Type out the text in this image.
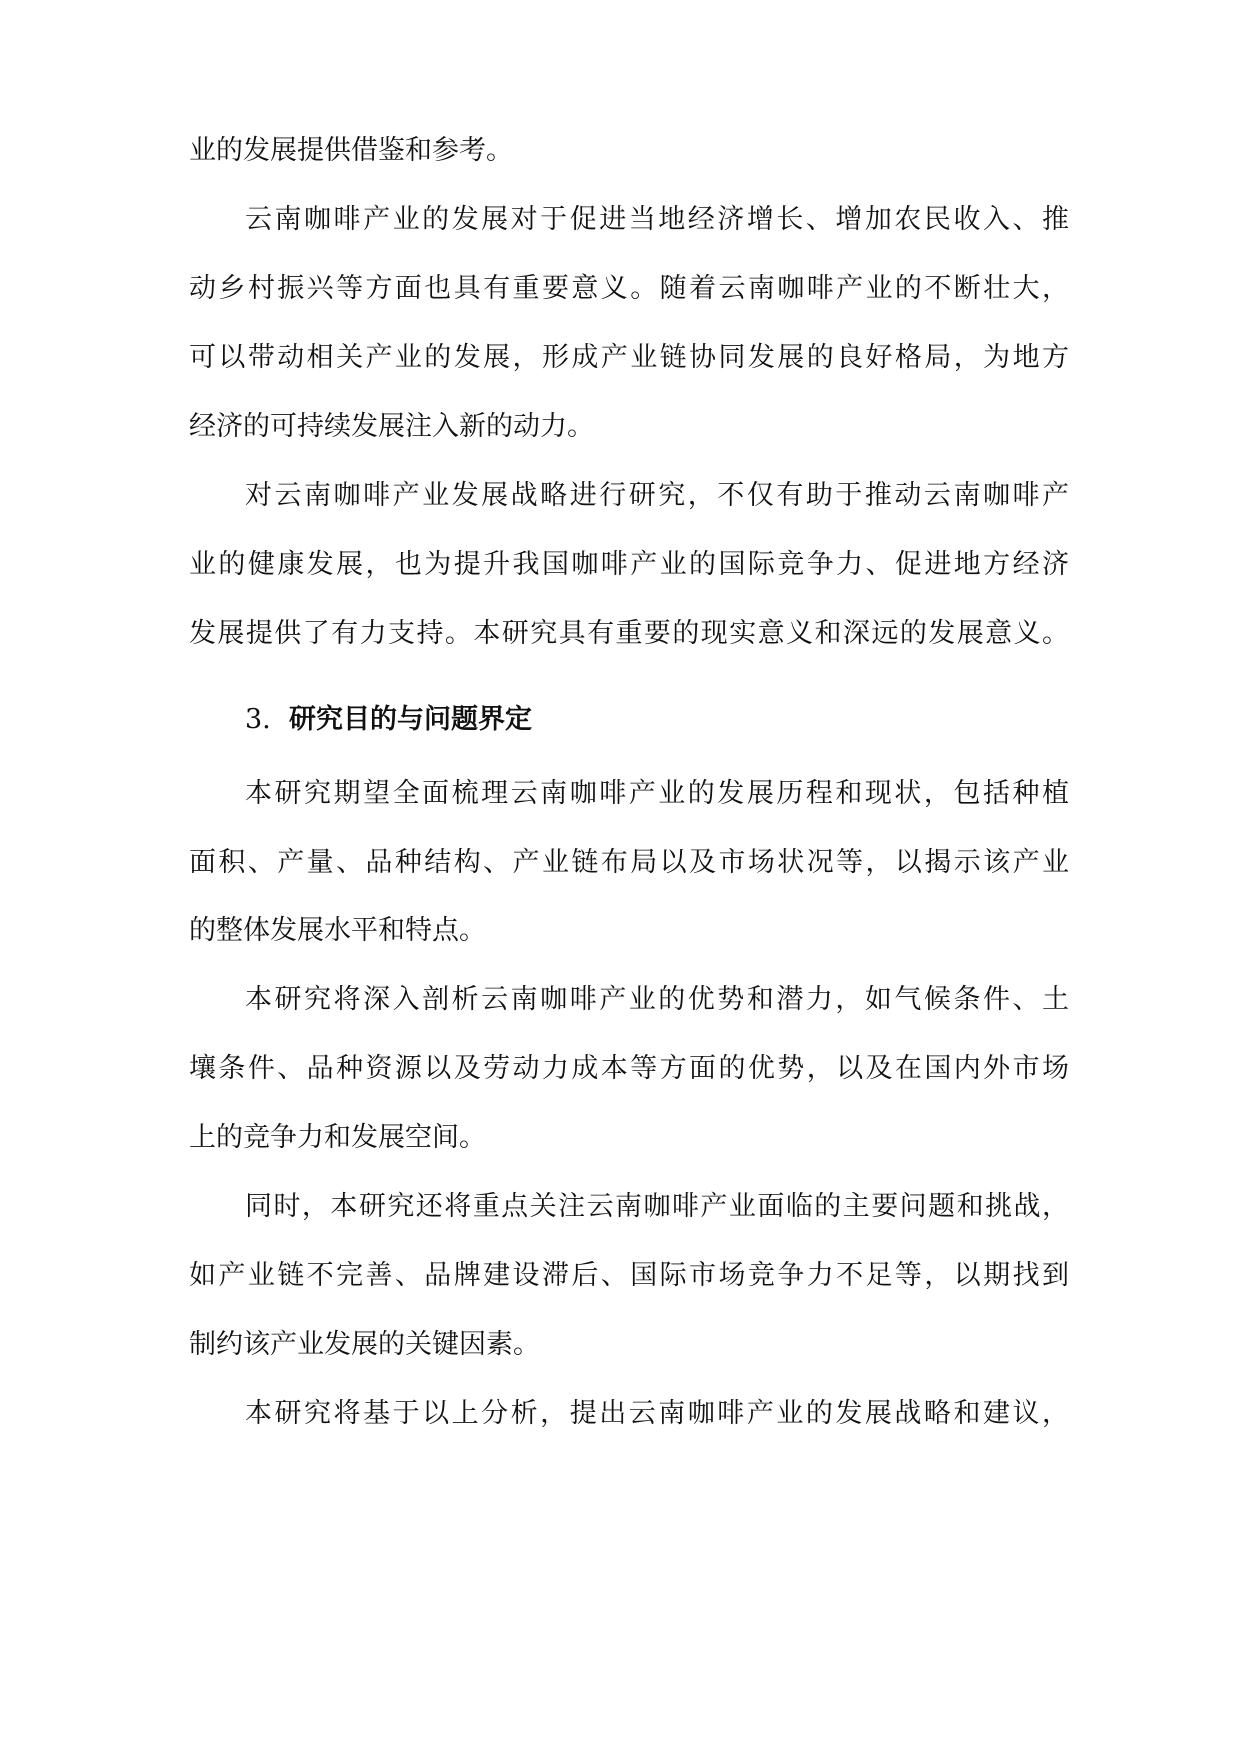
业的发展提供借鉴和参考。
云南咖啡产业的发展对于促进当地经济增长、增加农民收入、推
动乡村振兴等方面也具有重要意义。随着云南咖啡产业的不断壮大，
可以带动相关产业的发展，形成产业链协同发展的良好格局，为地方
经济的可持续发展注入新的动力。
对云南咖啡产业发展战略进行研究，不仅有助于推动云南咖啡产
业的健康发展，也为提升我国咖啡产业的国际竞争力、促进地方经济
发展提供了有力支持。本研究具有重要的现实意义和深远的发展意义。
3. 研究目的与问题界定
本研究期望全面梳理云南咖啡产业的发展历程和现状，包括种植
面积、产量、品种结构、产业链布局以及市场状况等，以揭示该产业
的整体发展水平和特点。
本研究将深入剖析云南咖啡产业的优势和潜力，如气候条件、土
壤条件、品种资源以及劳动力成本等方面的优势，以及在国内外市场
上的竞争力和发展空间。
同时，本研究还将重点关注云南咖啡产业面临的主要问题和挑战，
如产业链不完善、品牌建设滞后、国际市场竞争力不足等，以期找到
制约该产业发展的关键因素。
本研究将基于以上分析，提出云南咖啡产业的发展战略和建议，
